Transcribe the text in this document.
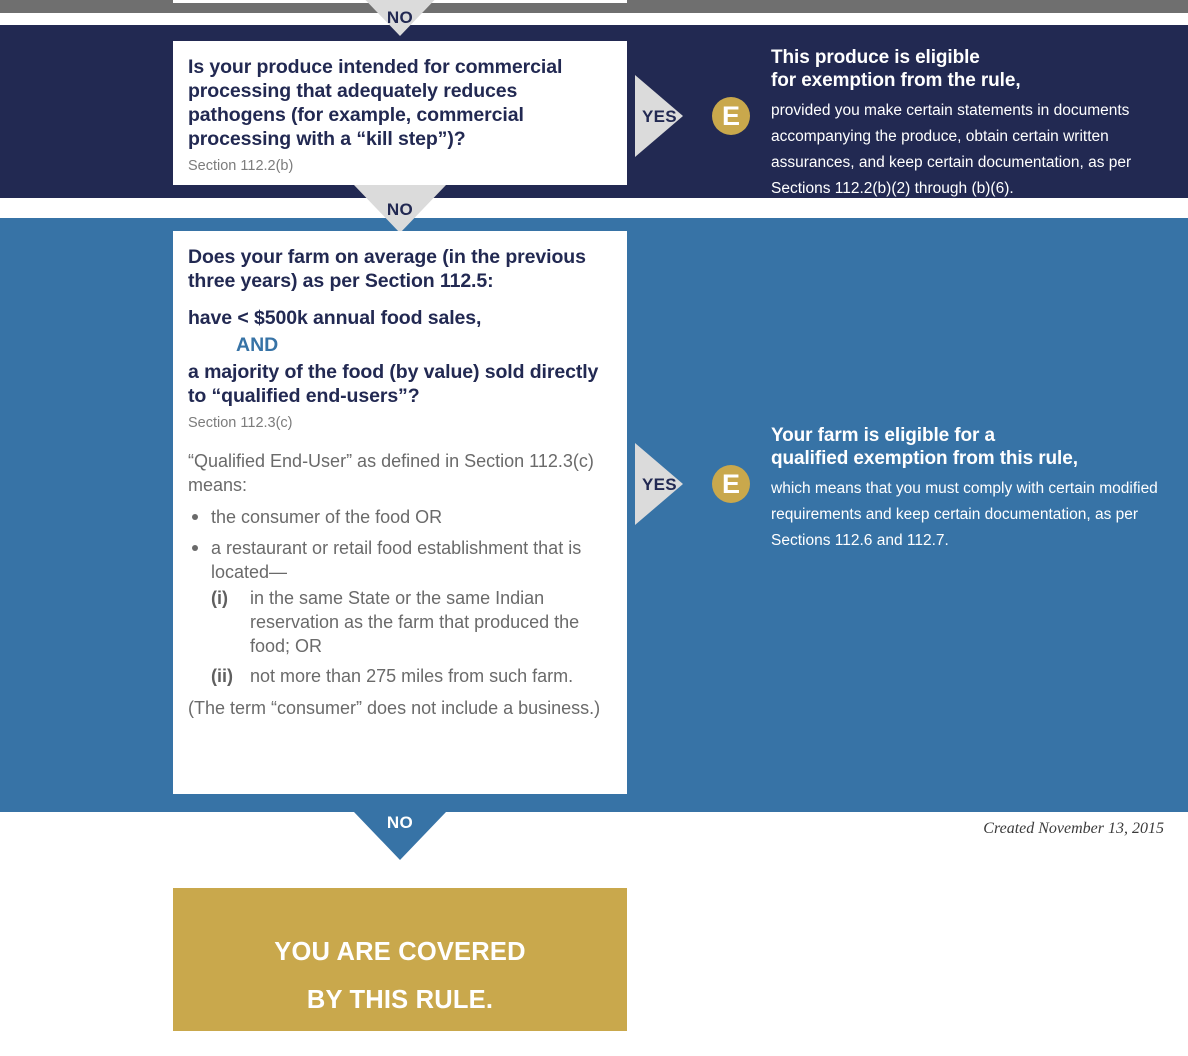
NO

Is your produce intended for commercial processing that adequately reduces pathogens (for example, commercial processing with a “kill step”)?

Section 112.2(b)

YES	E
This produce is eligible
for exemption from the rule,

provided you make certain statements in documents accompanying the produce, obtain certain written assurances, and keep certain documentation, as per Sections 112.2(b)(2) through (b)(6).

NO

Does your farm on average (in the previous three years) as per Section 112.5:

have < $500k annual food sales,

AND

a majority of the food (by value) sold directly to “qualified end-users”?

Section 112.3(c)

“Qualified End-User” as defined in Section 112.3(c) means:

the consumer of the food OR
a restaurant or retail food establishment that is located—
(i) in the same State or the same Indian reservation as the farm that produced the food; OR
(ii) not more than 275 miles from such farm.

(The term “consumer” does not include a business.)

YES	E
Your farm is eligible for a
qualified exemption from this rule,

which means that you must comply with certain modified requirements and keep certain documentation, as per Sections 112.6 and 112.7.

NO	Created November 13, 2015
YOU ARE COVERED
BY THIS RULE.
